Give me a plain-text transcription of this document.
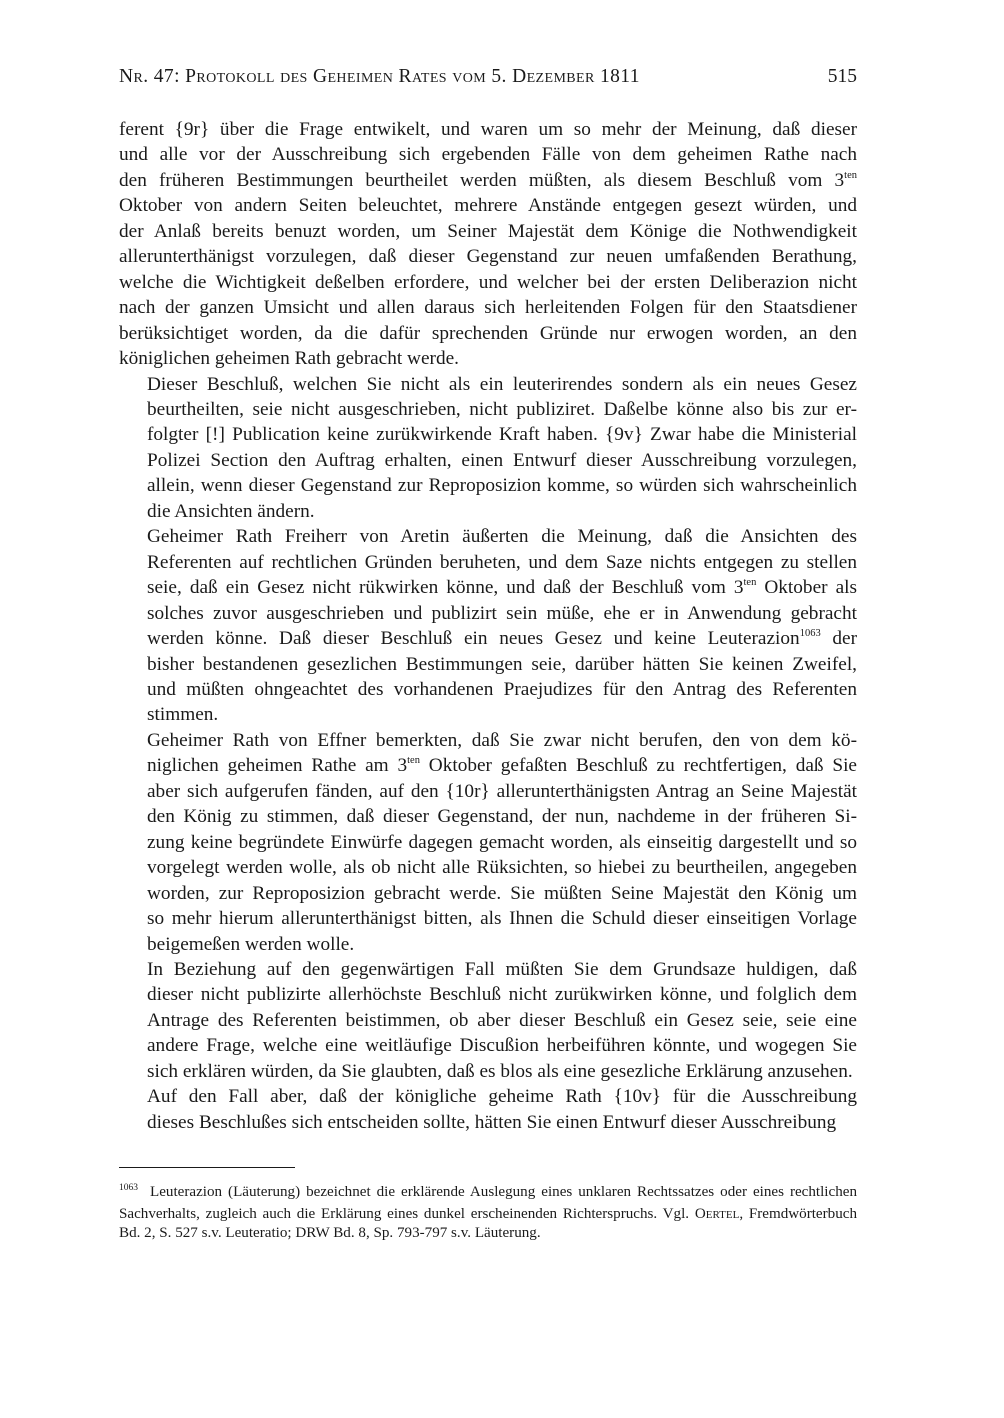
Nr. 47: Protokoll des Geheimen Rates vom 5. Dezember 1811	515

ferent {9r} über die Frage entwikelt, und waren um so mehr der Meinung, daß dieser
und alle vor der Ausschreibung sich ergebenden Fälle von dem geheimen Rathe nach
den früheren Bestimmungen beurtheilet werden müßten, als diesem Beschluß vom $3^{ten}$
Oktober von andern Seiten beleuchtet, mehrere Anstände entgegen gesezt würden, und
der Anlaß bereits benuzt worden, um Seiner Majestät dem Könige die Nothwendigkeit
allerunterthänigst vorzulegen, daß dieser Gegenstand zur neuen umfaßenden Berathung,
welche die Wichtigkeit deßelben erfordere, und welcher bei der ersten Deliberazion nicht
nach der ganzen Umsicht und allen daraus sich herleitenden Folgen für den Staatsdiener
berüksichtiget worden, da die dafür sprechenden Gründe nur erwogen worden, an den
königlichen geheimen Rath gebracht werde.

Dieser Beschluß, welchen Sie nicht als ein leuterirendes sondern als ein neues Gesez
beurtheilten, seie nicht ausgeschrieben, nicht publiziret. Daßelbe könne also bis zur er-
folgter [!] Publication keine zurükwirkende Kraft haben. {9v} Zwar habe die Ministerial
Polizei Section den Auftrag erhalten, einen Entwurf dieser Ausschreibung vorzulegen,
allein, wenn dieser Gegenstand zur Reproposizion komme, so würden sich wahrscheinlich
die Ansichten ändern.

Geheimer Rath Freiherr von Aretin äußerten die Meinung, daß die Ansichten des
Referenten auf rechtlichen Gründen beruheten, und dem Saze nichts entgegen zu stellen
seie, daß ein Gesez nicht rükwirken könne, und daß der Beschluß vom $3^{ten}$ Oktober als
solches zuvor ausgeschrieben und publizirt sein müße, ehe er in Anwendung gebracht
werden könne. Daß dieser Beschluß ein neues Gesez und keine Leuterazion$^{1063}$ der
bisher bestandenen gesezlichen Bestimmungen seie, darüber hätten Sie keinen Zweifel,
und müßten ohngeachtet des vorhandenen Praejudizes für den Antrag des Referenten
stimmen.

Geheimer Rath von Effner bemerkten, daß Sie zwar nicht berufen, den von dem kö-
niglichen geheimen Rathe am $3^{ten}$ Oktober gefaßten Beschluß zu rechtfertigen, daß Sie
aber sich aufgerufen fänden, auf den {10r} allerunterthänigsten Antrag an Seine Majestät
den König zu stimmen, daß dieser Gegenstand, der nun, nachdeme in der früheren Si-
zung keine begründete Einwürfe dagegen gemacht worden, als einseitig dargestellt und so
vorgelegt werden wolle, als ob nicht alle Rüksichten, so hiebei zu beurtheilen, angegeben
worden, zur Reproposizion gebracht werde. Sie müßten Seine Majestät den König um
so mehr hierum allerunterthänigst bitten, als Ihnen die Schuld dieser einseitigen Vorlage
beigemeßen werden wolle.

In Beziehung auf den gegenwärtigen Fall müßten Sie dem Grundsaze huldigen, daß
dieser nicht publizirte allerhöchste Beschluß nicht zurükwirken könne, und folglich dem
Antrage des Referenten beistimmen, ob aber dieser Beschluß ein Gesez seie, seie eine
andere Frage, welche eine weitläufige Discußion herbeiführen könnte, und wogegen Sie
sich erklären würden, da Sie glaubten, daß es blos als eine gesezliche Erklärung anzusehen.

Auf den Fall aber, daß der königliche geheime Rath {10v} für die Ausschreibung
dieses Beschlußes sich entscheiden sollte, hätten Sie einen Entwurf dieser Ausschreibung

$^{1063}$ Leuterazion (Läuterung) bezeichnet die erklärende Auslegung eines unklaren Rechtssatzes oder eines rechtlichen Sachverhalts, zugleich auch die Erklärung eines dunkel erscheinenden Richterspruchs. Vgl. Oertel, Fremdwörterbuch Bd. 2, S. 527 s.v. Leuteratio; DRW Bd. 8, Sp. 793-797 s.v. Läuterung.
